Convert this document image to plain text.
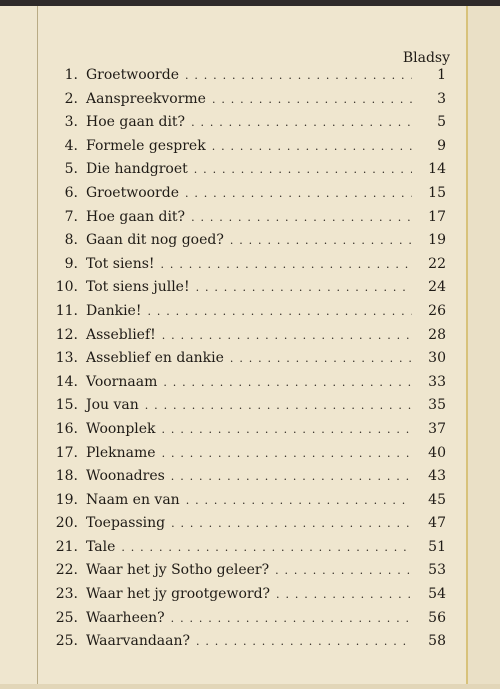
Bladsy
1. Groetwoorde . . .	1
2. Aanspreekvorme . . .	3
3. Hoe gaan dit? . . .	5
4. Formele gesprek . . .	9
5. Die handgroet . . .	14
6. Groetwoorde . . .	15
7. Hoe gaan dit? . . .	17
8. Gaan dit nog goed? . . .	19
9. Tot siens! . . .	22
10. Tot siens julle! . . .	24
11. Dankie! . . .	26
12. Asseblief! . . .	28
13. Asseblief en dankie . . .	30
14. Voornaam . . .	33
15. Jou van . . .	35
16. Woonplek . . .	37
17. Plekname . . .	40
18. Woonadres . . .	43
19. Naam en van . . .	45
20. Toepassing . . .	47
21. Tale . . .	51
22. Waar het jy Sotho geleer? . . .	53
23. Waar het jy grootgeword? . . .	54
25. Waarheen? . . .	56
25. Waarvandaan? . . .	58
